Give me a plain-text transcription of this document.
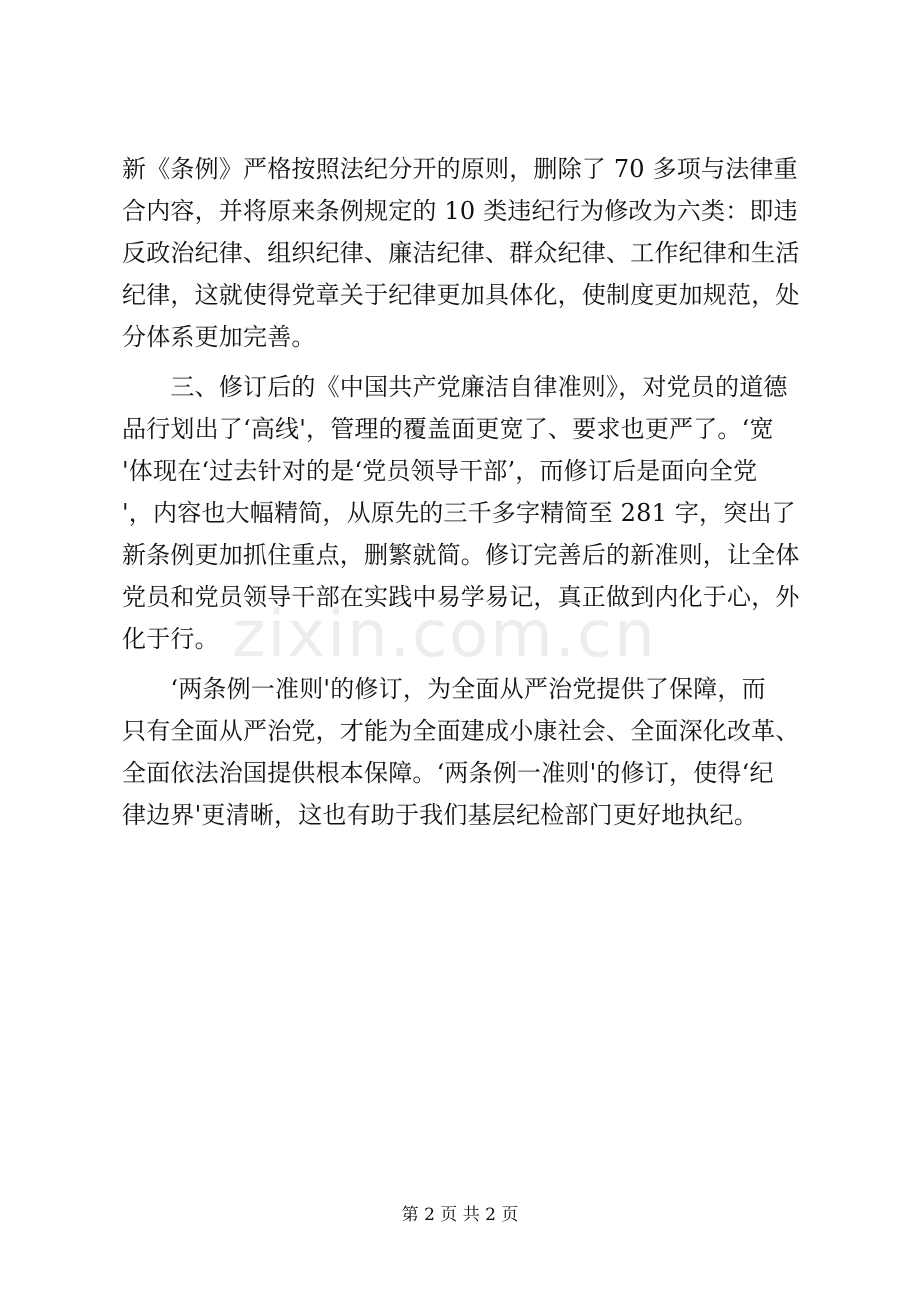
新《条例》严格按照法纪分开的原则，删除了 70 多项与法律重
合内容，并将原来条例规定的 10 类违纪行为修改为六类：即违
反政治纪律、组织纪律、廉洁纪律、群众纪律、工作纪律和生活
纪律，这就使得党章关于纪律更加具体化，使制度更加规范，处
分体系更加完善。
　　三、修订后的《中国共产党廉洁自律准则》，对党员的道德
品行划出了‘高线'，管理的覆盖面更宽了、要求也更严了。‘宽
'体现在‘过去针对的是‘党员领导干部’，而修订后是面向全党
'，内容也大幅精简，从原先的三千多字精简至 281 字，突出了
新条例更加抓住重点，删繁就简。修订完善后的新准则，让全体
党员和党员领导干部在实践中易学易记，真正做到内化于心，外
化于行。
　　‘两条例一准则'的修订，为全面从严治党提供了保障，而
只有全面从严治党，才能为全面建成小康社会、全面深化改革、
全面依法治国提供根本保障。‘两条例一准则'的修订，使得‘纪
律边界'更清晰，这也有助于我们基层纪检部门更好地执纪。
zixin.com.cn
第 2 页 共 2 页
